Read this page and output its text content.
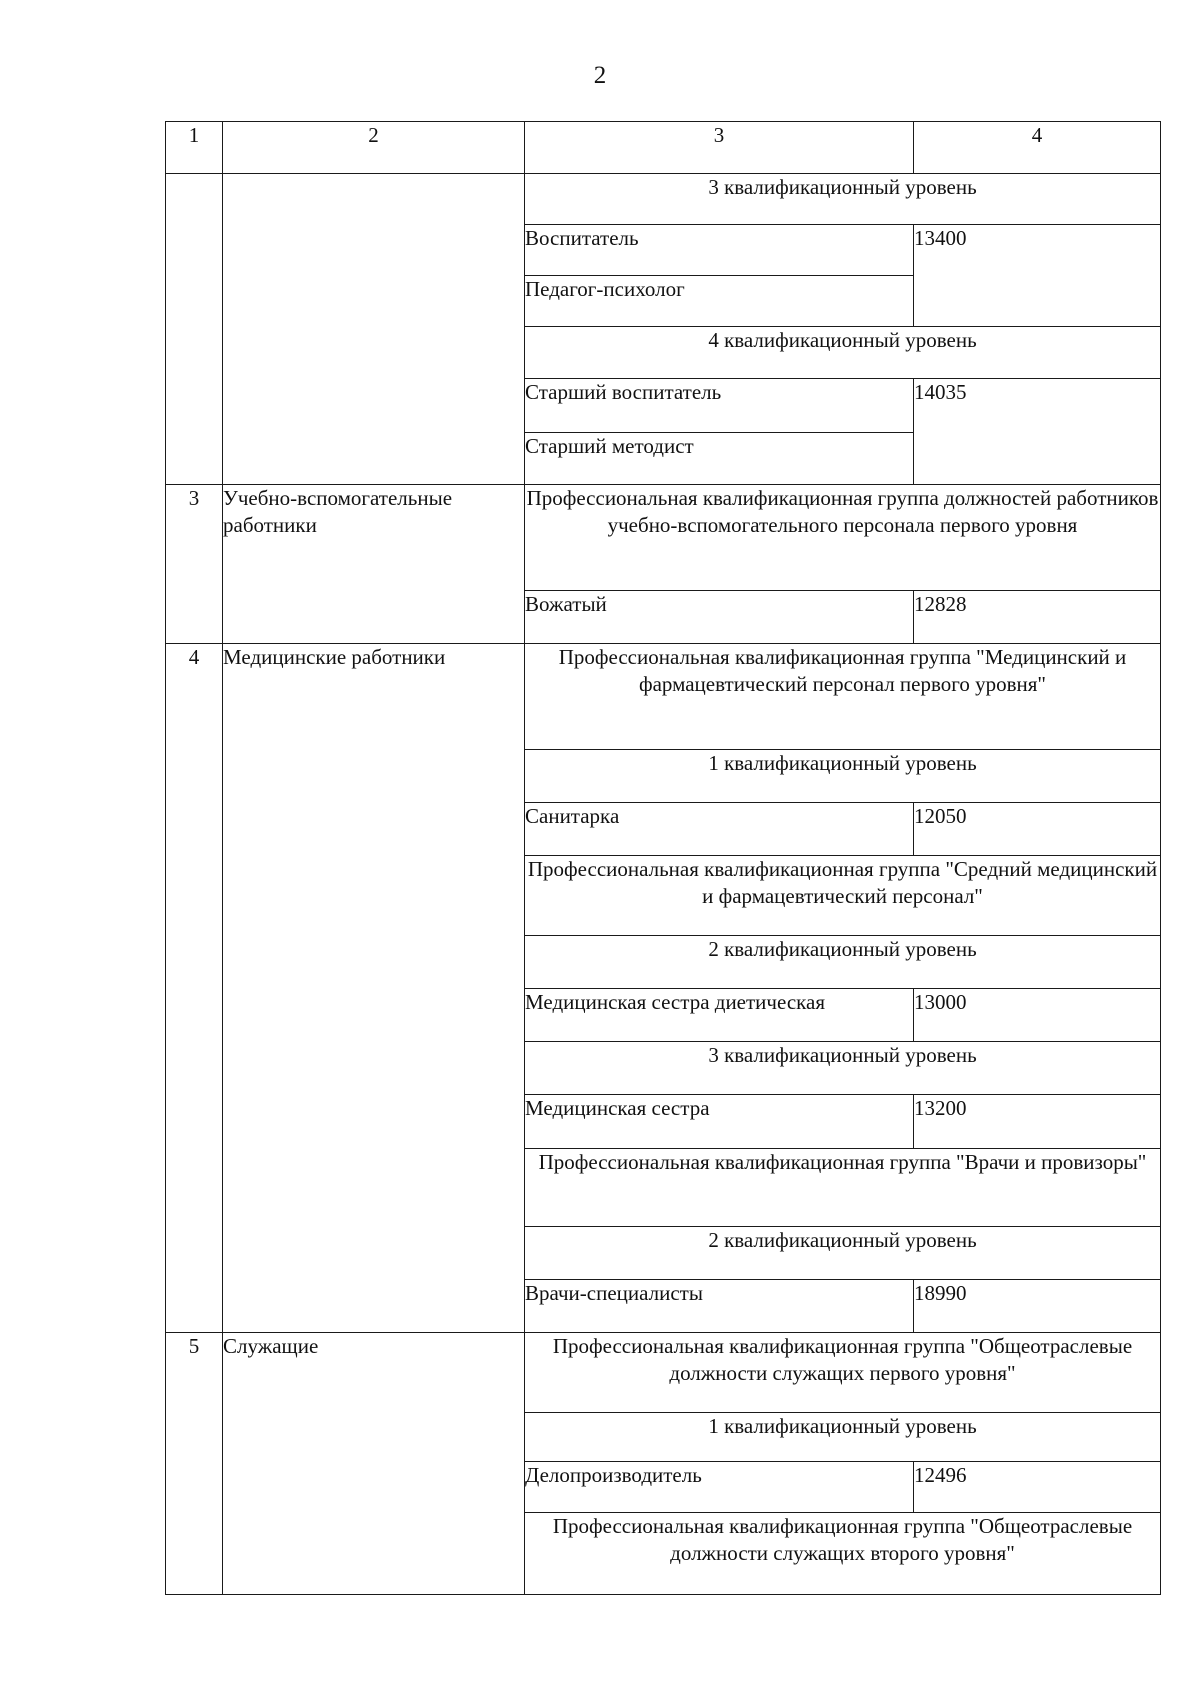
2
1	2	3	4
		3 квалификационный уровень	
		Воспитатель	13400
		Педагог-психолог	
		4 квалификационный уровень	
		Старший воспитатель	14035
		Старший методист	

3	Учебно-вспомогательные работники	Профессиональная квалификационная группа должностей работников учебно-вспомогательного персонала первого уровня	
		Вожатый	12828
4	Медицинские работники	Профессиональная квалификационная группа "Медицинский и фармацевтический персонал первого уровня"	
		1 квалификационный уровень	
		Санитарка	12050
		Профессиональная квалификационная группа "Средний медицинский и фармацевтический персонал"	
		2 квалификационный уровень	
		Медицинская сестра диетическая	13000
		3 квалификационный уровень	
		Медицинская сестра	13200
		Профессиональная квалификационная группа "Врачи и провизоры"	
		2 квалификационный уровень	
		Врачи-специалисты	18990

5	Служащие	Профессиональная квалификационная группа "Общеотраслевые должности служащих первого уровня"	
		1 квалификационный уровень	
		Делопроизводитель	12496
		Профессиональная квалификационная группа "Общеотраслевые должности служащих второго уровня"	
